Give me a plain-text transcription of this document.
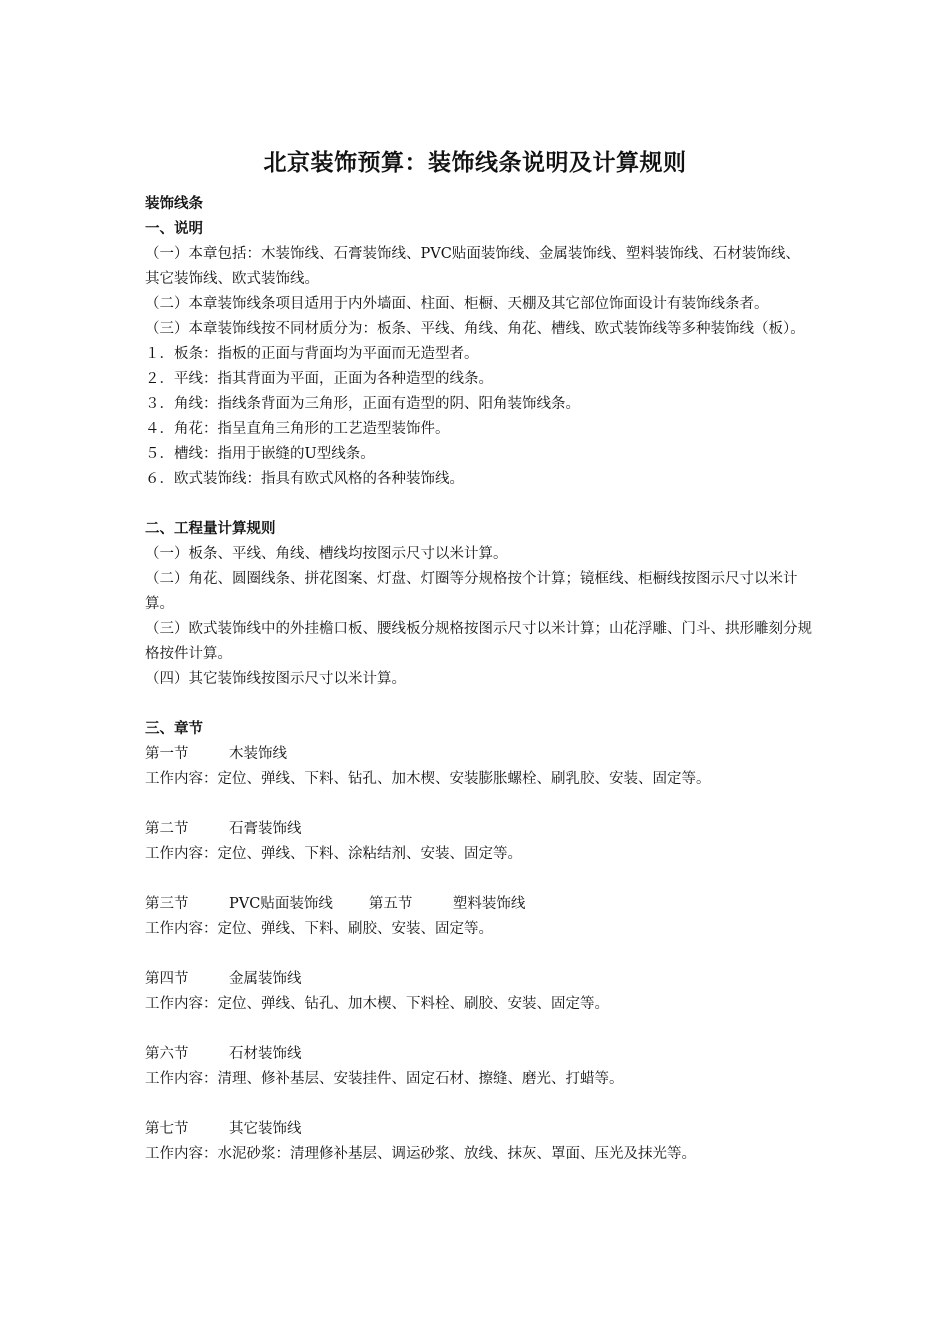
北京装饰预算：装饰线条说明及计算规则
装饰线条
一、说明
（一）本章包括：木装饰线、石膏装饰线、PVC贴面装饰线、金属装饰线、塑料装饰线、石材装饰线、其它装饰线、欧式装饰线。
（二）本章装饰线条项目适用于内外墙面、柱面、柜橱、天棚及其它部位饰面设计有装饰线条者。
（三）本章装饰线按不同材质分为：板条、平线、角线、角花、槽线、欧式装饰线等多种装饰线（板）。
１．板条：指板的正面与背面均为平面而无造型者。
２．平线：指其背面为平面，正面为各种造型的线条。
３．角线：指线条背面为三角形，正面有造型的阴、阳角装饰线条。
４．角花：指呈直角三角形的工艺造型装饰件。
５．槽线：指用于嵌缝的U型线条。
６．欧式装饰线：指具有欧式风格的各种装饰线。
二、工程量计算规则
（一）板条、平线、角线、槽线均按图示尺寸以米计算。
（二）角花、圆圈线条、拼花图案、灯盘、灯圈等分规格按个计算；镜框线、柜橱线按图示尺寸以米计算。
（三）欧式装饰线中的外挂檐口板、腰线板分规格按图示尺寸以米计算；山花浮雕、门斗、拱形雕刻分规格按件计算。
（四）其它装饰线按图示尺寸以米计算。
三、章节
第一节	木装饰线
工作内容：定位、弹线、下料、钻孔、加木楔、安装膨胀螺栓、刷乳胶、安装、固定等。
第二节	石膏装饰线
工作内容：定位、弹线、下料、涂粘结剂、安装、固定等。
第三节	PVC贴面装饰线 第五节	塑料装饰线
工作内容：定位、弹线、下料、刷胶、安装、固定等。
第四节	金属装饰线
工作内容：定位、弹线、钻孔、加木楔、下料栓、刷胶、安装、固定等。
第六节	石材装饰线
工作内容：清理、修补基层、安装挂件、固定石材、擦缝、磨光、打蜡等。
第七节	其它装饰线
工作内容：水泥砂浆：清理修补基层、调运砂浆、放线、抹灰、罩面、压光及抹光等。
